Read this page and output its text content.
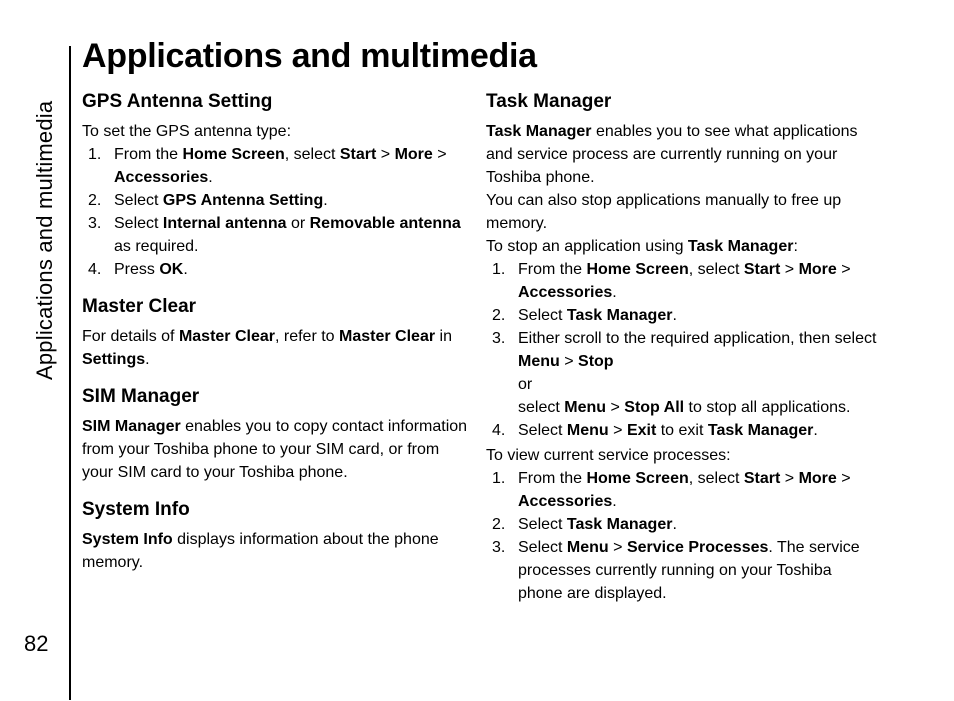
Applications and multimedia
82
Applications and multimedia
GPS Antenna Setting

To set the GPS antenna type:

1. From the Home Screen, select Start > More > Accessories.
2. Select GPS Antenna Setting.
3. Select Internal antenna or Removable antenna as required.
4. Press OK.
Master Clear

For details of Master Clear, refer to Master Clear in Settings.

SIM Manager

SIM Manager enables you to copy contact information from your Toshiba phone to your SIM card, or from your SIM card to your Toshiba phone.

System Info

System Info displays information about the phone memory.

Task Manager

Task Manager enables you to see what applications and service process are currently running on your Toshiba phone.

You can also stop applications manually to free up memory.

To stop an application using Task Manager:

1. From the Home Screen, select Start > More > Accessories.
2. Select Task Manager.
3. Either scroll to the required application, then select Menu > Stop
or
select Menu > Stop All to stop all applications.
4. Select Menu > Exit to exit Task Manager.

To view current service processes:

1. From the Home Screen, select Start > More > Accessories.
2. Select Task Manager.
3. Select Menu > Service Processes. The service processes currently running on your Toshiba phone are displayed.
